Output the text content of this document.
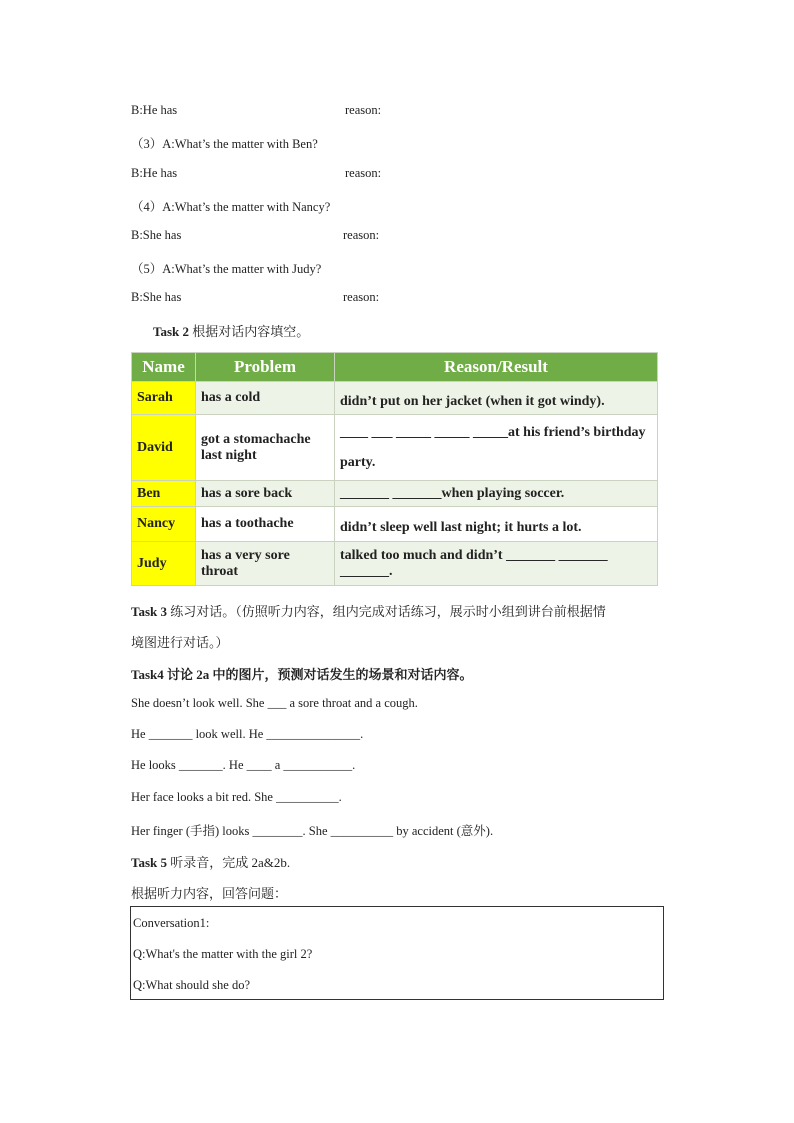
B:He has	reason:
（3）A:What’s the matter with Ben?
B:He has	reason:
（4）A:What’s the matter with Nancy?
B:She has	reason:
（5）A:What’s the matter with Judy?
B:She has	reason:
Task 2 根据对话内容填空。
Name	Problem	Reason/Result
Sarah	has a cold	didn’t put on her jacket (when it got windy).
David	got a stomachache last night	____ ___ _____ _____ _____at his friend’s birthday party.
Ben	has a sore back	_______ _______when playing soccer.
Nancy	has a toothache	didn’t sleep well last night; it hurts a lot.
Judy	has a very sore throat	talked too much and didn’t _______ _______ _______.
Task 3 练习对话。（仿照听力内容，组内完成对话练习，展示时小组到讲台前根据情
境图进行对话。）
Task4 讨论 2a 中的图片，预测对话发生的场景和对话内容。
She doesn’t look well. She ___ a sore throat and a cough.
He _______ look well. He _______________.
He looks _______. He ____ a ___________.
Her face looks a bit red. She __________.
Her finger (手指) looks ________. She __________ by accident (意外).
Task 5 听录音，完成 2a&2b.
根据听力内容，回答问题：
Conversation1:
Q:What's the matter with the girl 2?
Q:What should she do?
